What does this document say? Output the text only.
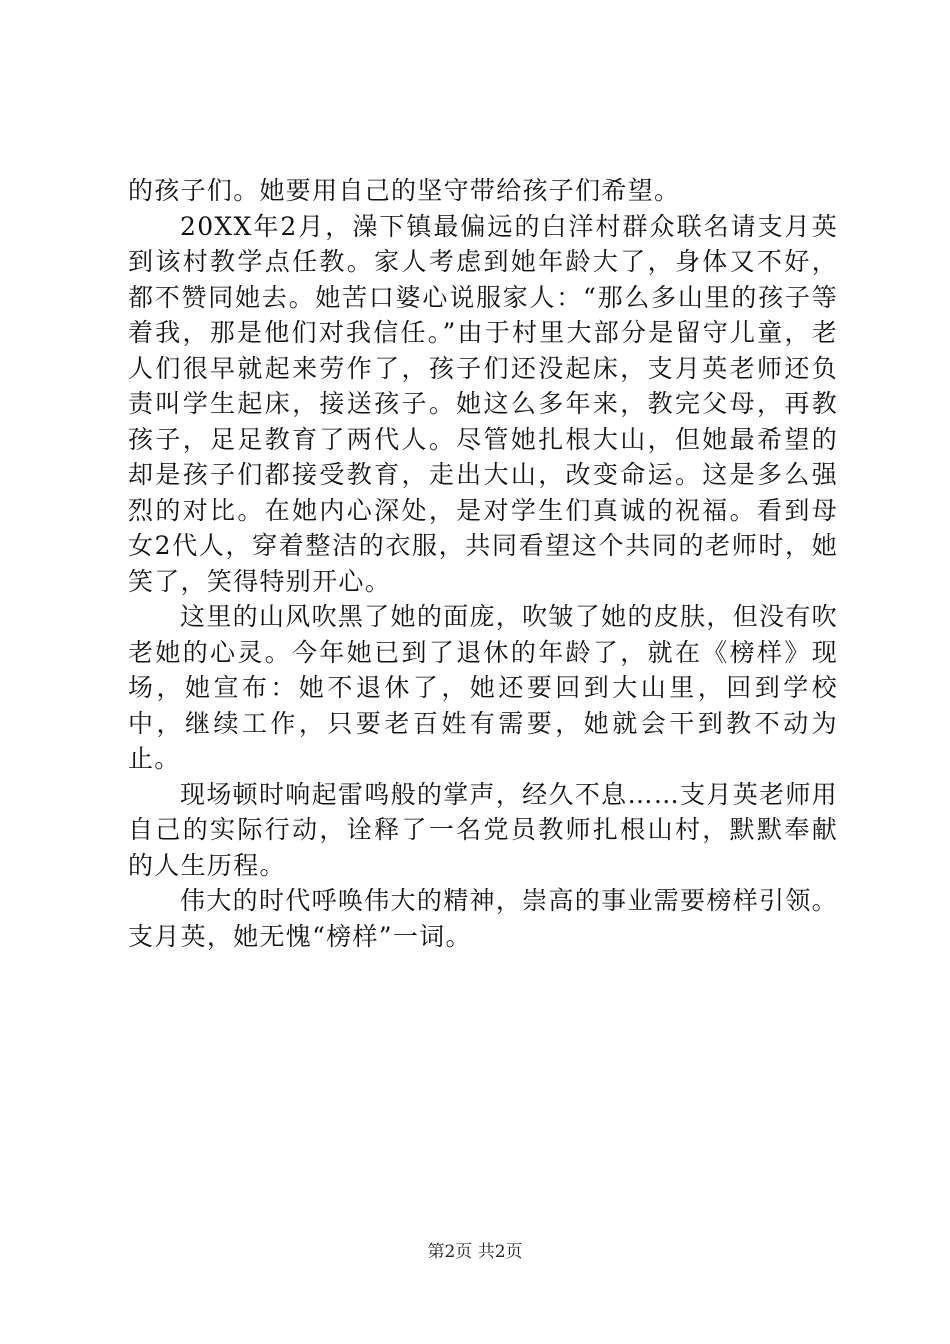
的孩子们。她要用自己的坚守带给孩子们希望。

20XX年2月，澡下镇最偏远的白洋村群众联名请支月英到该村教学点任教。家人考虑到她年龄大了，身体又不好，都不赞同她去。她苦口婆心说服家人：“那么多山里的孩子等着我，那是他们对我信任。”由于村里大部分是留守儿童，老人们很早就起来劳作了，孩子们还没起床，支月英老师还负责叫学生起床，接送孩子。她这么多年来，教完父母，再教孩子，足足教育了两代人。尽管她扎根大山，但她最希望的却是孩子们都接受教育，走出大山，改变命运。这是多么强烈的对比。在她内心深处，是对学生们真诚的祝福。看到母女2代人，穿着整洁的衣服，共同看望这个共同的老师时，她笑了，笑得特别开心。

这里的山风吹黑了她的面庞，吹皱了她的皮肤，但没有吹老她的心灵。今年她已到了退休的年龄了，就在《榜样》现场，她宣布：她不退休了，她还要回到大山里，回到学校中，继续工作，只要老百姓有需要，她就会干到教不动为止。

现场顿时响起雷鸣般的掌声，经久不息……支月英老师用自己的实际行动，诠释了一名党员教师扎根山村，默默奉献的人生历程。

伟大的时代呼唤伟大的精神，崇高的事业需要榜样引领。支月英，她无愧“榜样”一词。

第2页 共2页
